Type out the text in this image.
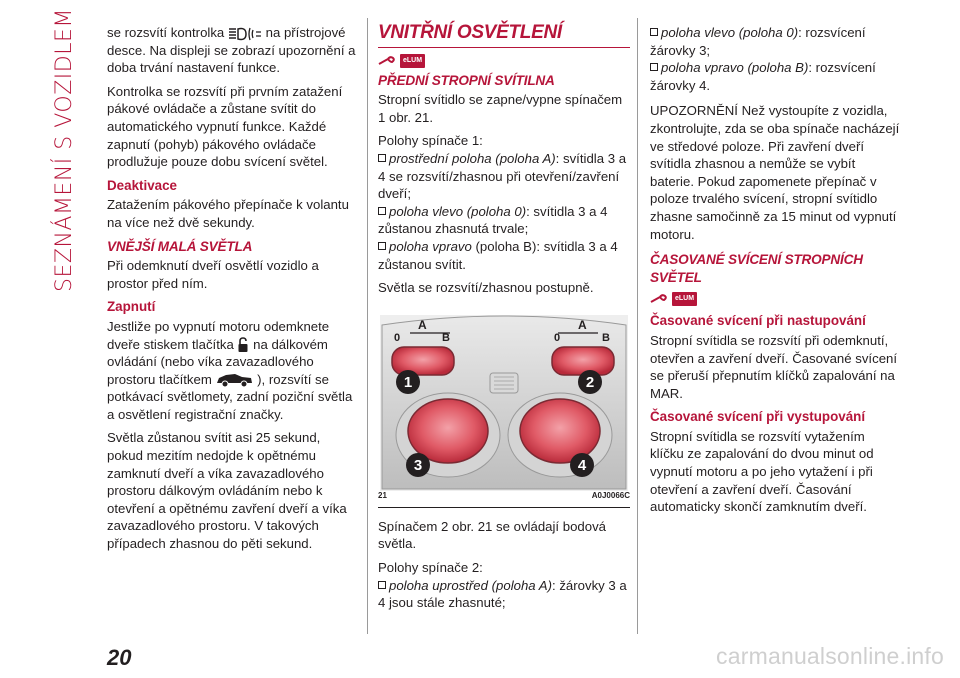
SEZNÁMENÍ S VOZIDLEM se rozsvítí kontrolka	na přístrojové desce. Na displeji se zobrazí upozornění a doba trvání nastavení funkce.

Kontrolka se rozsvítí při prvním zatažení pákové ovládače a zůstane svítit do automatického vypnutí funkce. Každé zapnutí (pohyb) pákového ovládače prodlužuje pouze dobu svícení světel.

Deaktivace

Zatažením pákového přepínače k volantu na více než dvě sekundy.

VNĚJŠÍ MALÁ SVĚTLA

Při odemknutí dveří osvětlí vozidlo a prostor před ním.

Zapnutí

Jestliže po vypnutí motoru odemknete dveře stiskem tlačítka na dálkovém ovládání (nebo víka zavazadlového prostoru tlačítkem	), rozsvítí se potkávací světlomety, zadní poziční světla a osvětlení registrační značky.

Světla zůstanou svítit asi 25 sekund, pokud mezitím nedojde k opětnému zamknutí dveří a víka zavazadlového prostoru dálkovým ovládáním nebo k otevření a opětnému zavření dveří a víka zavazadlového prostoru. V takových případech zhasnou do pěti sekund.

VNITŘNÍ OSVĚTLENÍ
eLUM
PŘEDNÍ STROPNÍ SVÍTILNA

Stropní svítidlo se zapne/vypne spínačem 1 obr. 21.

Polohy spínače 1:

prostřední poloha (poloha A): svítidla 3 a 4 se rozsvítí/zhasnou při otevření/zavření dveří;
poloha vlevo (poloha 0): svítidla 3 a 4 zůstanou zhasnutá trvale;
poloha vpravo (poloha B): svítidla 3 a 4 zůstanou svítit.

Světla se rozsvítí/zhasnou postupně.

0
A
B	0
A
B
1	2
3	4
21	A0J0066C

Spínačem 2 obr. 21 se ovládají bodová světla.

Polohy spínače 2:

poloha uprostřed (poloha A): žárovky 3 a 4 jsou stále zhasnuté;
poloha vlevo (poloha 0): rozsvícení žárovky 3;
poloha vpravo (poloha B): rozsvícení žárovky 4.

UPOZORNĚNÍ Než vystoupíte z vozidla, zkontrolujte, zda se oba spínače nacházejí ve středové poloze. Při zavření dveří svítidla zhasnou a nemůže se vybít baterie. Pokud zapomenete přepínač v poloze trvalého svícení, stropní svítidlo zhasne samočinně za 15 minut od vypnutí motoru.

ČASOVANÉ SVÍCENÍ STROPNÍCH SVĚTEL
eLUM
Časované svícení při nastupování

Stropní svítidla se rozsvítí při odemknutí, otevřen a zavření dveří. Časované svícení se přeruší přepnutím klíčků zapalování na MAR.

Časované svícení při vystupování

Stropní svítidla se rozsvítí vytažením klíčku ze zapalování do dvou minut od vypnutí motoru a po jeho vytažení i při otevření a zavření dveří. Časování automaticky skončí zamknutím dveří.

20	carmanualsonline.info
